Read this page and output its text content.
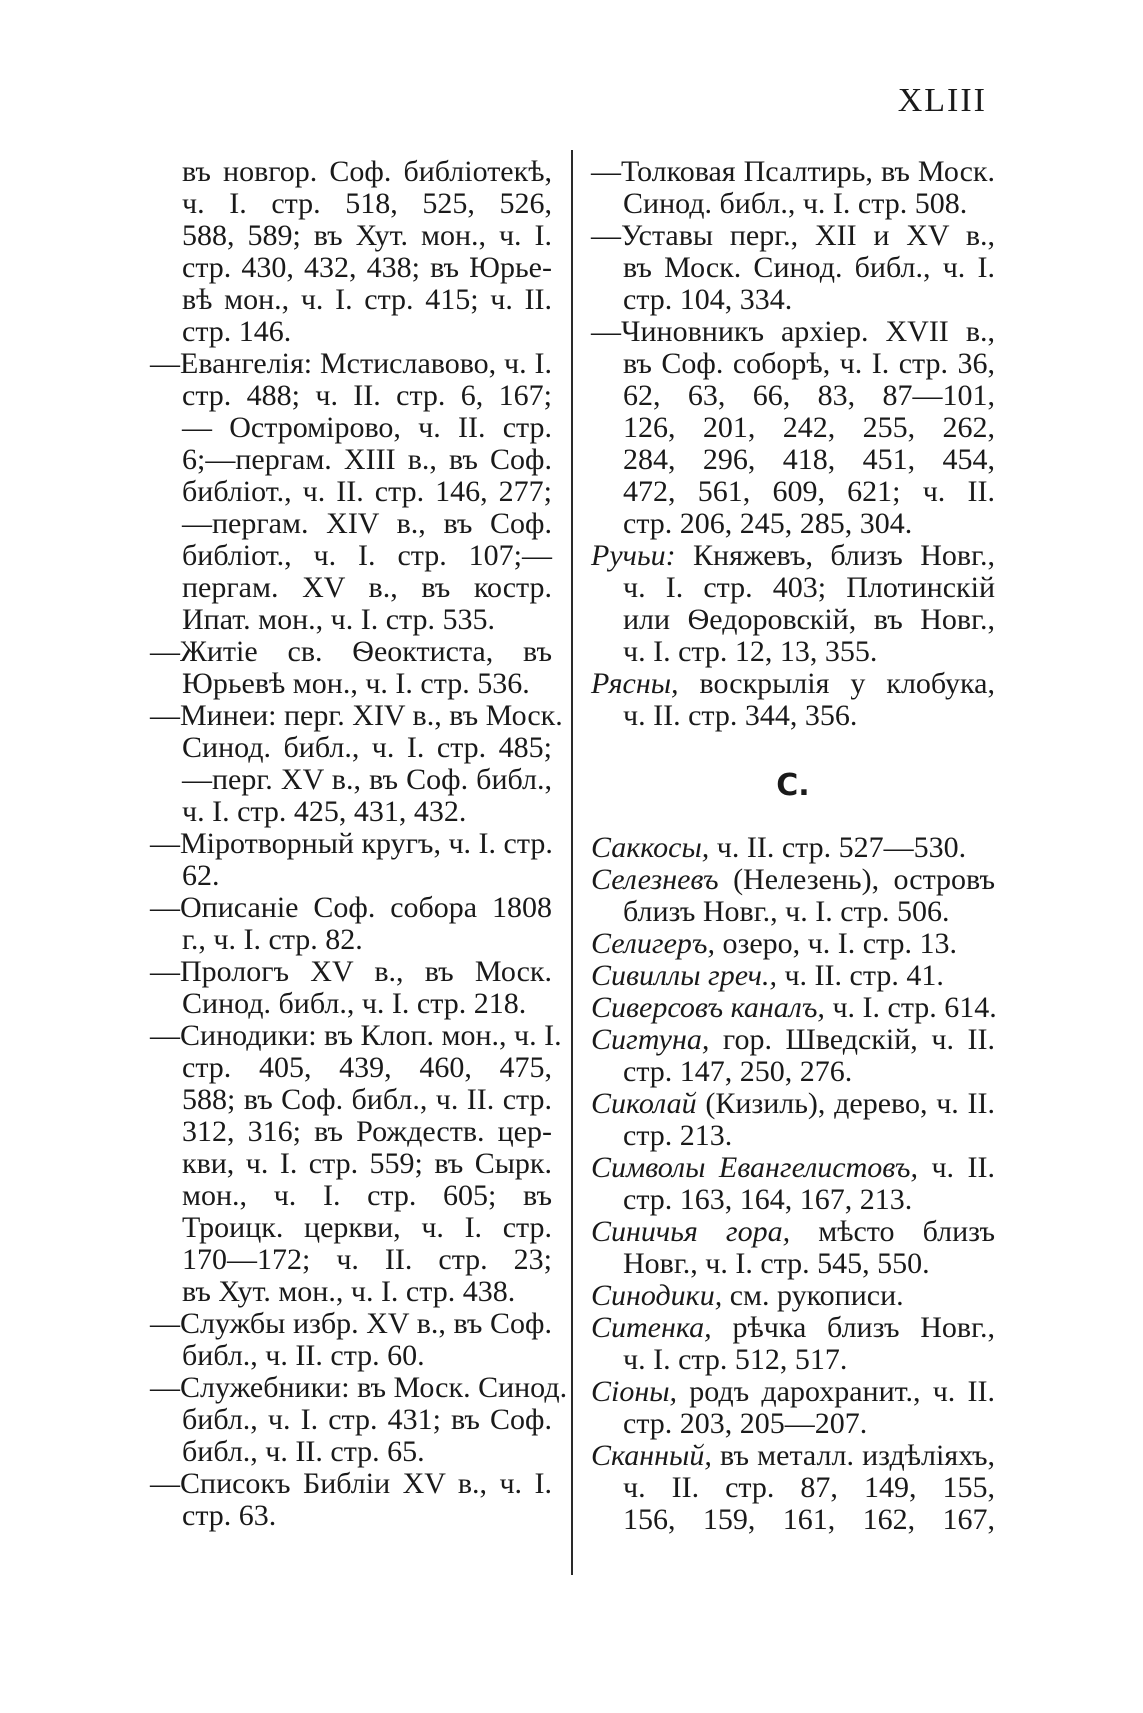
XLIII
въ новгор. Соф. библіотекѣ,
ч. I. стр. 518, 525, 526,
588, 589; въ Хут. мон., ч. I.
стр. 430, 432, 438; въ Юрье-
вѣ мон., ч. I. стр. 415; ч. II.
стр. 146.
—Евангелія: Мстиславово, ч. I.
стр. 488; ч. II. стр. 6, 167;
— Остромірово, ч. II. стр.
6;—пергам. XIII в., въ Соф.
библіот., ч. II. стр. 146, 277;
—пергам. XIV в., въ Соф.
библіот., ч. I. стр. 107;—
пергам. XV в., въ костр.
Ипат. мон., ч. I. стр. 535.
—Житіе св. Ѳеоктиста, въ
Юрьевѣ мон., ч. I. стр. 536.
—Минеи: перг. XIV в., въ Моск.
Синод. библ., ч. I. стр. 485;
—перг. XV в., въ Соф. библ.,
ч. I. стр. 425, 431, 432.
—Міротворный кругъ, ч. I. стр.
62.
—Описаніе Соф. собора 1808
г., ч. I. стр. 82.
—Прологъ XV в., въ Моск.
Синод. библ., ч. I. стр. 218.
—Синодики: въ Клоп. мон., ч. I.
стр. 405, 439, 460, 475,
588; въ Соф. библ., ч. II. стр.
312, 316; въ Рождеств. цер-
кви, ч. I. стр. 559; въ Сырк.
мон., ч. I. стр. 605; въ
Троицк. церкви, ч. I. стр.
170—172; ч. II. стр. 23;
въ Хут. мон., ч. I. стр. 438.
—Службы избр. XV в., въ Соф.
библ., ч. II. стр. 60.
—Служебники: въ Моск. Синод.
библ., ч. I. стр. 431; въ Соф.
библ., ч. II. стр. 65.
—Списокъ Библіи XV в., ч. I.
стр. 63.
—Толковая Псалтирь, въ Моск.
Синод. библ., ч. I. стр. 508.
—Уставы перг., XII и XV в.,
въ Моск. Синод. библ., ч. I.
стр. 104, 334.
—Чиновникъ архіер. XVII в.,
въ Соф. соборѣ, ч. I. стр. 36,
62, 63, 66, 83, 87—101,
126, 201, 242, 255, 262,
284, 296, 418, 451, 454,
472, 561, 609, 621; ч. II.
стр. 206, 245, 285, 304.
Ручьи: Княжевъ, близъ Новг.,
ч. I. стр. 403; Плотинскій
или Ѳедоровскій, въ Новг.,
ч. I. стр. 12, 13, 355.
Рясны, воскрылія у клобука,
ч. II. стр. 344, 356.
С.
Саккосы, ч. II. стр. 527—530.
Селезневъ (Нелезень), островъ
близъ Новг., ч. I. стр. 506.
Селигеръ, озеро, ч. I. стр. 13.
Сивиллы греч., ч. II. стр. 41.
Сиверсовъ каналъ, ч. I. стр. 614.
Сигтуна, гор. Шведскій, ч. II.
стр. 147, 250, 276.
Сиколай (Кизиль), дерево, ч. II.
стр. 213.
Символы Евангелистовъ, ч. II.
стр. 163, 164, 167, 213.
Синичья гора, мѣсто близъ
Новг., ч. I. стр. 545, 550.
Синодики, см. рукописи.
Ситенка, рѣчка близъ Новг.,
ч. I. стр. 512, 517.
Сіоны, родъ дарохранит., ч. II.
стр. 203, 205—207.
Сканный, въ металл. издѣліяхъ,
ч. II. стр. 87, 149, 155,
156, 159, 161, 162, 167,
